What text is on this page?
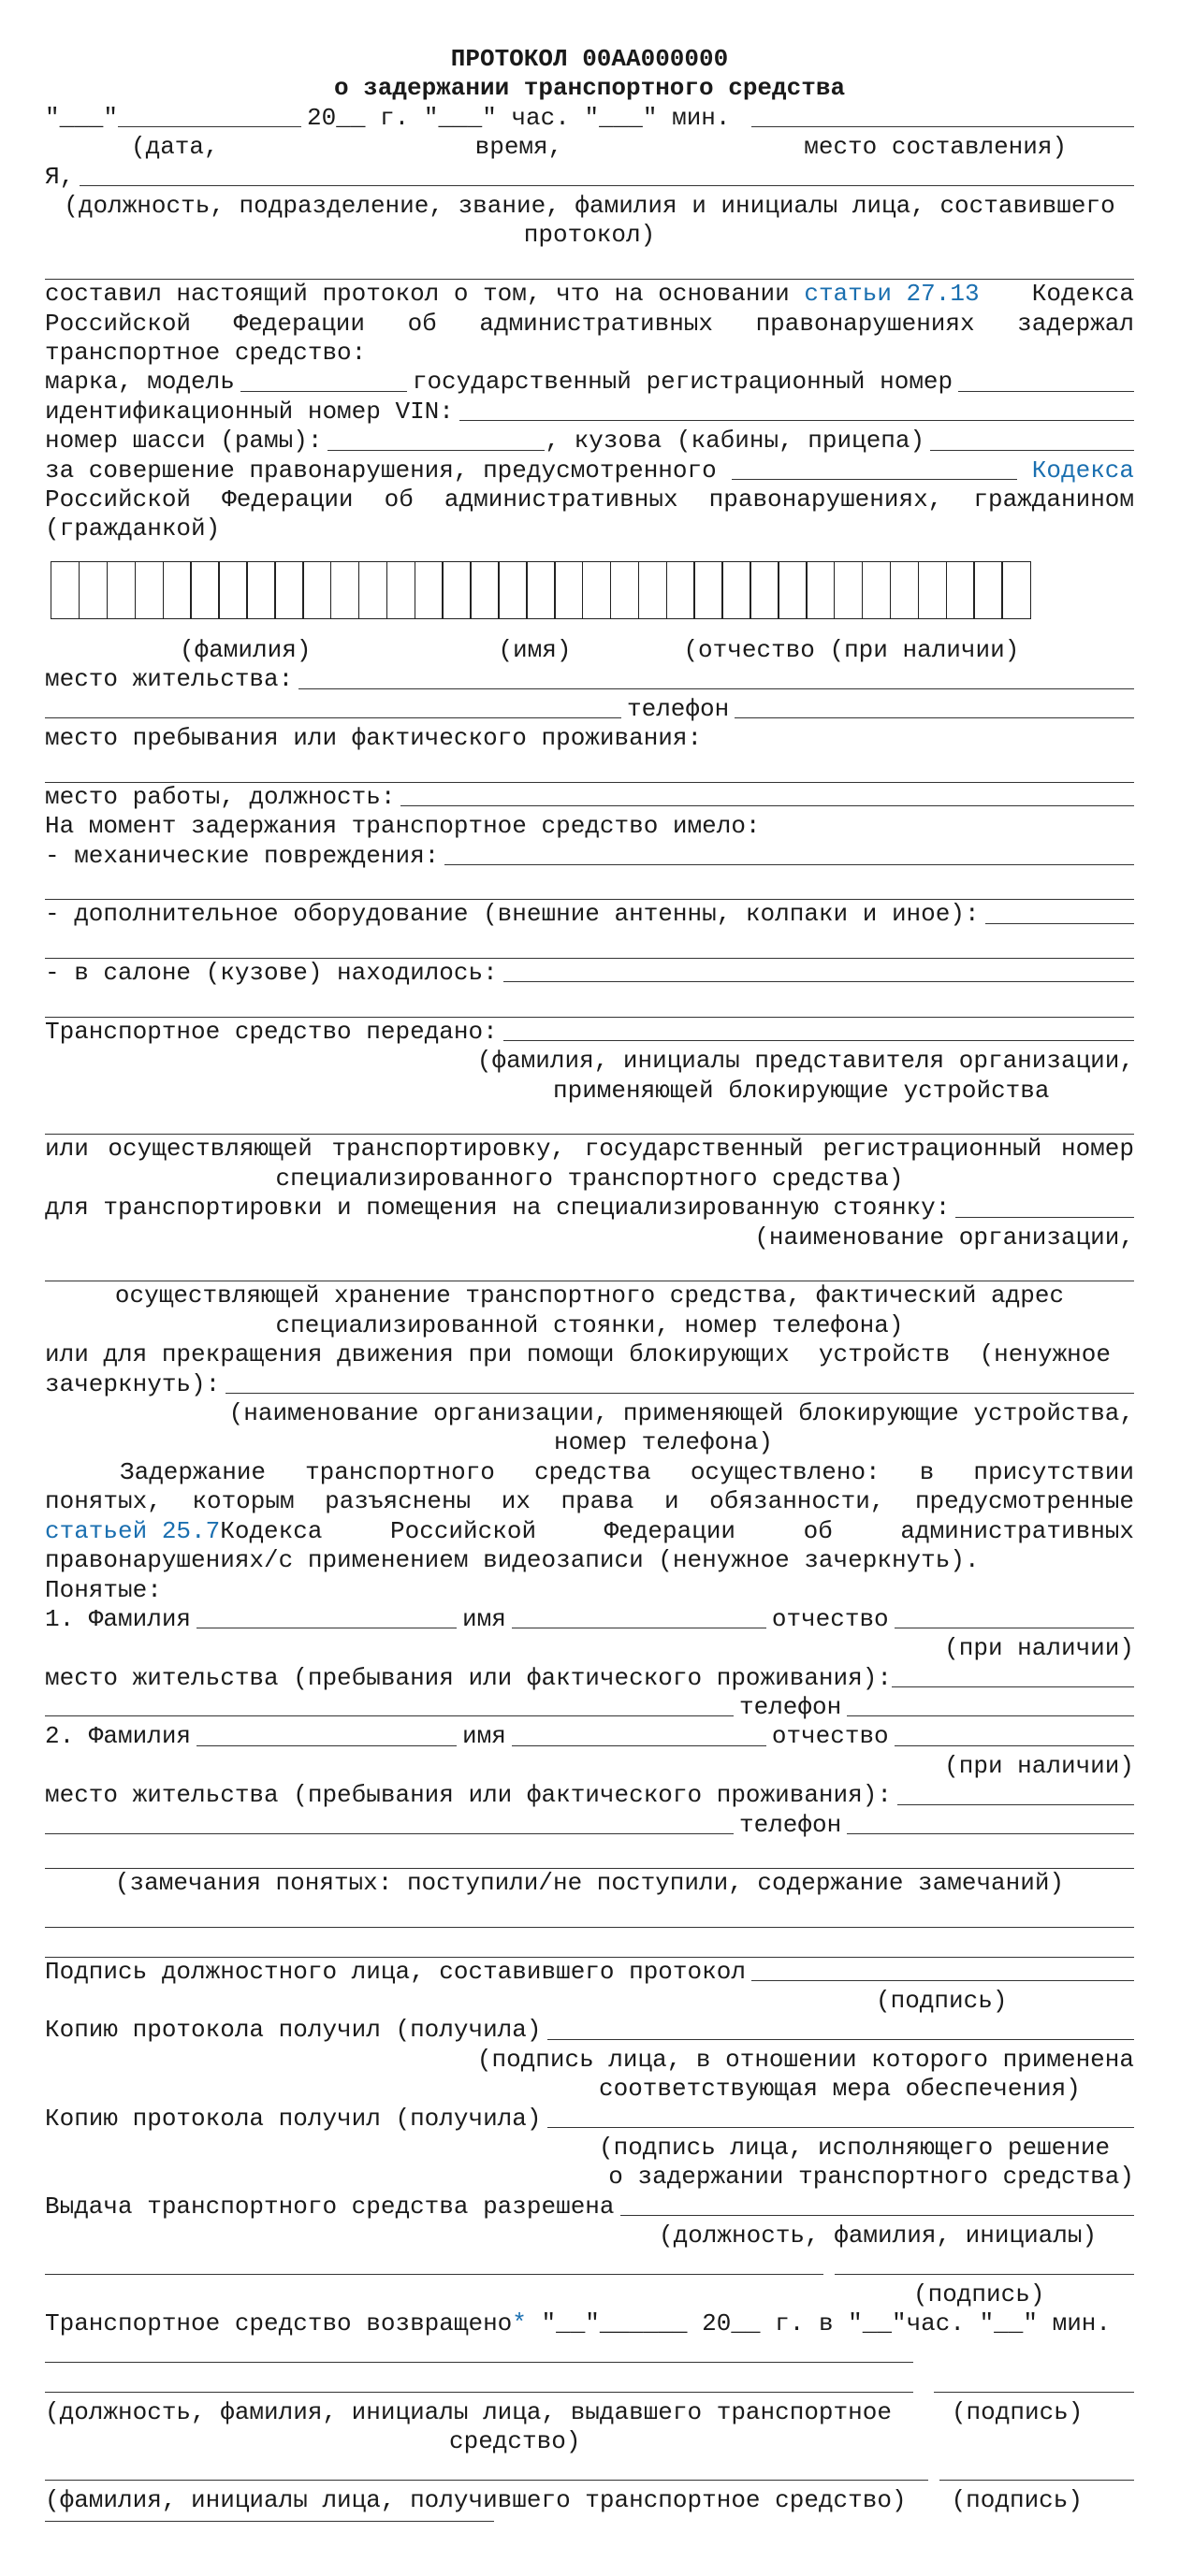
ПРОТОКОЛ 00АА000000
о задержании транспортного средства
"___"	20__ г.
"___" час.
"___" мин.
(дата,	время,	место составления)
Я,
(должность, подразделение, звание, фамилия и инициалы лица, составившего
протокол)
составил настоящий протокол о том, что на основании
статьи 27.13 Кодекса
Российской Федерации об административных правонарушениях задержал
транспортное средство:
марка, модель	государственный регистрационный номер
идентификационный номер VIN:
номер шасси (рамы):	, кузова (кабины, прицепа)
за совершение правонарушения, предусмотренного	Кодекса
Российской Федерации об административных правонарушениях, гражданином
(гражданкой)
(фамилия)	(имя)	(отчество (при наличии)
место жительства:
телефон
место пребывания или фактического проживания:
место работы, должность:
На момент задержания транспортное средство имело:
- механические повреждения:
- дополнительное оборудование (внешние антенны, колпаки и иное):
- в салоне (кузове) находилось:
Транспортное средство передано:
(фамилия, инициалы представителя организации,
применяющей блокирующие устройства
или осуществляющей транспортировку, государственный регистрационный номер
специализированного транспортного средства)
для транспортировки и помещения на специализированную стоянку:
(наименование организации,
осуществляющей хранение транспортного средства, фактический адрес
специализированной стоянки, номер телефона)
или для прекращения движения при помощи блокирующих  устройств  (ненужное
зачеркнуть):
(наименование организации, применяющей блокирующие устройства,
номер телефона)
Задержание транспортного средства осуществлено: в присутствии
понятых, которым разъяснены их права и обязанности, предусмотренные
статьей 25.7 Кодекса Российской Федерации об административных
правонарушениях/с применением видеозаписи (ненужное зачеркнуть).
Понятые:
1. Фамилия	имя	отчество
(при наличии)
место жительства (пребывания или фактического проживания):
телефон
2. Фамилия	имя	отчество
(при наличии)
место жительства (пребывания или фактического проживания):
телефон
(замечания понятых: поступили/не поступили, содержание замечаний)
Подпись должностного лица, составившего протокол
(подпись)
Копию протокола получил (получила)
(подпись лица, в отношении которого применена
соответствующая мера обеспечения)
Копию протокола получил (получила)
(подпись лица, исполняющего решение
о задержании транспортного средства)
Выдача транспортного средства разрешена
(должность, фамилия, инициалы)
(подпись)
Транспортное средство возвращено *
"__"______ 20__ г. в "__"час. "__" мин.
(должность, фамилия, инициалы лица, выдавшего транспортное (подпись)
средство)
(фамилия, инициалы лица, получившего транспортное средство) (подпись)
